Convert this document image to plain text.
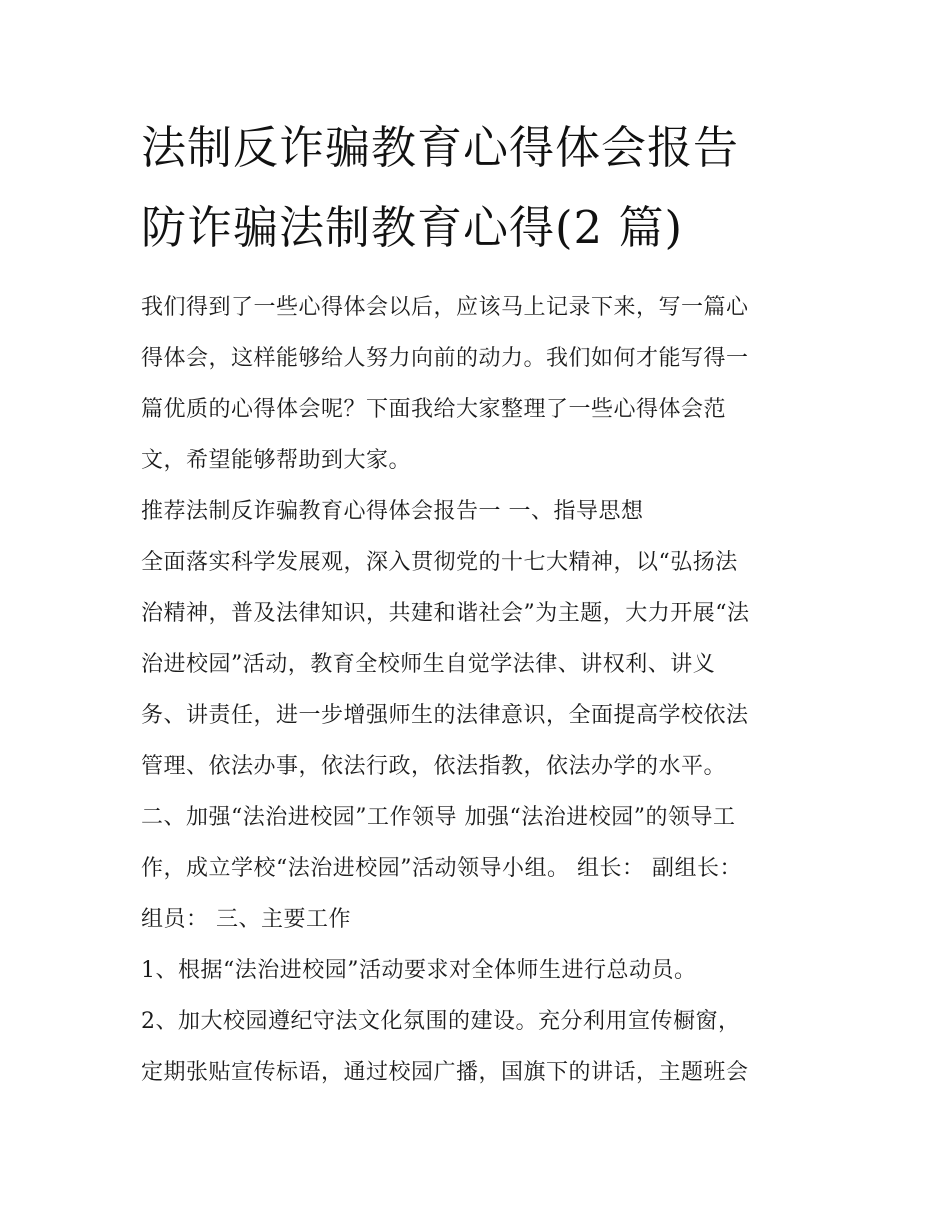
法制反诈骗教育心得体会报告
防诈骗法制教育心得(2 篇)

我们得到了一些心得体会以后，应该马上记录下来，写一篇心
得体会，这样能够给人努力向前的动力。我们如何才能写得一
篇优质的心得体会呢？下面我给大家整理了一些心得体会范
文，希望能够帮助到大家。

推荐法制反诈骗教育心得体会报告一 一、指导思想

全面落实科学发展观，深入贯彻党的十七大精神，以“弘扬法
治精神，普及法律知识，共建和谐社会”为主题，大力开展“法
治进校园”活动，教育全校师生自觉学法律、讲权利、讲义
务、讲责任，进一步增强师生的法律意识，全面提高学校依法
管理、依法办事，依法行政，依法指教，依法办学的水平。

二、加强“法治进校园”工作领导 加强“法治进校园”的领导工
作，成立学校“法治进校园”活动领导小组。 组长： 副组长：
组员： 三、主要工作

1、根据“法治进校园”活动要求对全体师生进行总动员。

2、加大校园遵纪守法文化氛围的建设。充分利用宣传橱窗，
定期张贴宣传标语，通过校园广播，国旗下的讲话，主题班会
